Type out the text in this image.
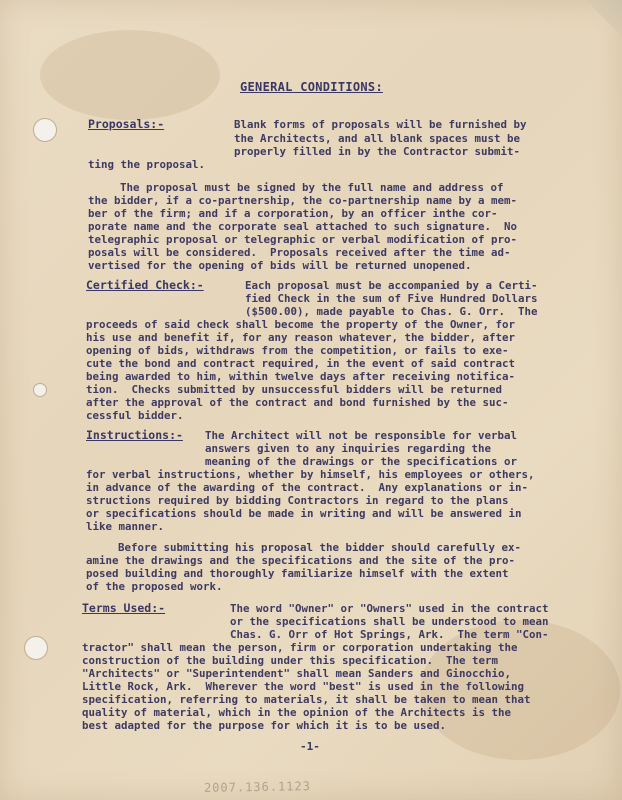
GENERAL CONDITIONS:
Proposals:-	Blank forms of proposals will be furnished by
the Architects, and all blank spaces must be
properly filled in by the Contractor submit-
ting the proposal.
The proposal must be signed by the full name and address of
the bidder, if a co-partnership, the co-partnership name by a mem-
ber of the firm; and if a corporation, by an officer inthe cor-
porate name and the corporate seal attached to such signature.  No
telegraphic proposal or telegraphic or verbal modification of pro-
posals will be considered.  Proposals received after the time ad-
vertised for the opening of bids will be returned unopened.
Certified Check:-	Each proposal must be accompanied by a Certi-
fied Check in the sum of Five Hundred Dollars
($500.00), made payable to Chas. G. Orr.  The
proceeds of said check shall become the property of the Owner, for
his use and benefit if, for any reason whatever, the bidder, after
opening of bids, withdraws from the competition, or fails to exe-
cute the bond and contract required, in the event of said contract
being awarded to him, within twelve days after receiving notifica-
tion.  Checks submitted by unsuccessful bidders will be returned
after the approval of the contract and bond furnished by the suc-
cessful bidder.
Instructions:- The Architect will not be responsible for verbal
answers given to any inquiries regarding the
meaning of the drawings or the specifications or
for verbal instructions, whether by himself, his employees or others,
in advance of the awarding of the contract.  Any explanations or in-
structions required by bidding Contractors in regard to the plans
or specifications should be made in writing and will be answered in
like manner.
Before submitting his proposal the bidder should carefully ex-
amine the drawings and the specifications and the site of the pro-
posed building and thoroughly familiarize himself with the extent
of the proposed work.
Terms Used:-	The word "Owner" or "Owners" used in the contract
or the specifications shall be understood to mean
Chas. G. Orr of Hot Springs, Ark.  The term "Con-
tractor" shall mean the person, firm or corporation undertaking the
construction of the building under this specification.  The term
"Architects" or "Superintendent" shall mean Sanders and Ginocchio,
Little Rock, Ark.  Wherever the word "best" is used in the following
specification, referring to materials, it shall be taken to mean that
quality of material, which in the opinion of the Architects is the
best adapted for the purpose for which it is to be used.
-1-
2007.136.1123
